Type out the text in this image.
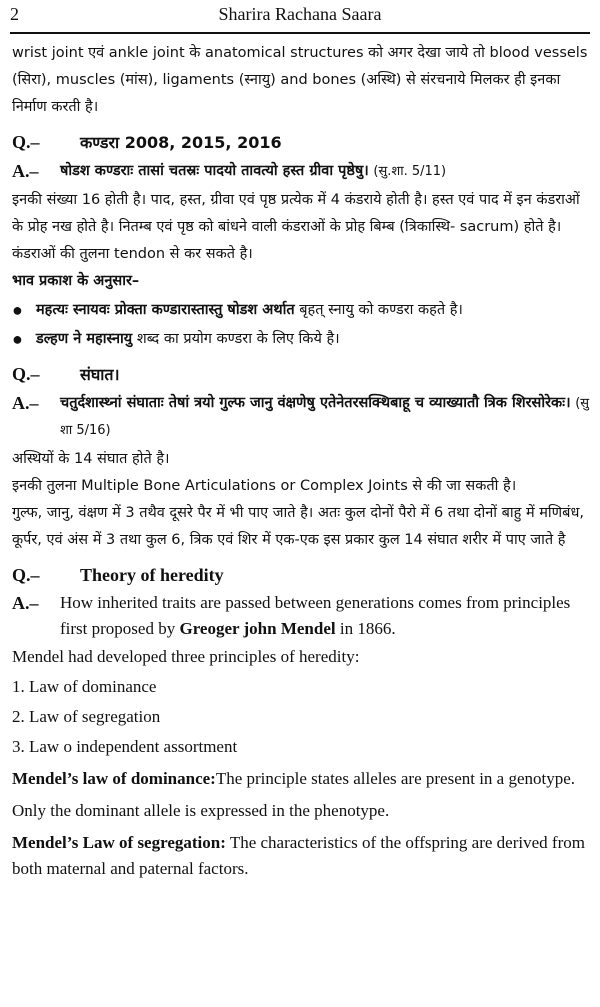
2	Sharira Rachana Saara

wrist joint एवं ankle joint के anatomical structures को अगर देखा जाये तो blood vessels (सिरा), muscles (मांस), ligaments (स्नायु) and bones (अस्थि) से संरचनाये मिलकर ही इनका निर्माण करती है।

Q.–	कण्डरा 2008, 2015, 2016
A.–	षोडश कण्डराः तासां चतस्रः पादयो तावत्यो हस्त ग्रीवा पृष्ठेषु। (सु.शा. 5/11)

इनकी संख्या 16 होती है। पाद, हस्त, ग्रीवा एवं पृष्ठ प्रत्येक में 4 कंडराये होती है। हस्त एवं पाद में इन कंडराओं के प्रोह नख होते है। नितम्ब एवं पृष्ठ को बांधने वाली कंडराओं के प्रोह बिम्ब (त्रिकास्थि- sacrum) होते है। कंडराओं की तुलना tendon से कर सकते है।

भाव प्रकाश के अनुसार–

● महत्यः स्नायवः प्रोक्ता कण्डारास्तास्तु षोडश अर्थात बृहत् स्नायु को कण्डरा कहते है।
● डल्हण ने महास्नायु शब्द का प्रयोग कण्डरा के लिए किये है।
Q.–	संघात।
A.–	चतुर्दशास्थ्नां संघाताः तेषां त्रयो गुल्फ जानु वंक्षणेषु एतेनेतरसक्थिबाहू च व्याख्यातौ त्रिक शिरसोरेकः। (सु शा 5/16)

अस्थियों के 14 संघात होते है।

इनकी तुलना Multiple Bone Articulations or Complex Joints से की जा सकती है।

गुल्फ, जानु, वंक्षण में 3 तथैव दूसरे पैर में भी पाए जाते है। अतः कुल दोनों पैरो में 6 तथा दोनों बाहु में मणिबंध, कूर्पर, एवं अंस में 3 तथा कुल 6, त्रिक एवं शिर में एक-एक इस प्रकार कुल 14 संघात शरीर में पाए जाते है

Q.– Theory of heredity
A.–	How inherited traits are passed between generations comes from principles first proposed by Greoger john Mendel in 1866.

Mendel had developed three principles of heredity:

1. Law of dominance

2. Law of segregation

3. Law o independent assortment

Mendel’s law of dominance:The principle states alleles are present in a genotype.

Only the dominant allele is expressed in the phenotype.

Mendel’s Law of segregation: The characteristics of the offspring are derived from both maternal and paternal factors.
